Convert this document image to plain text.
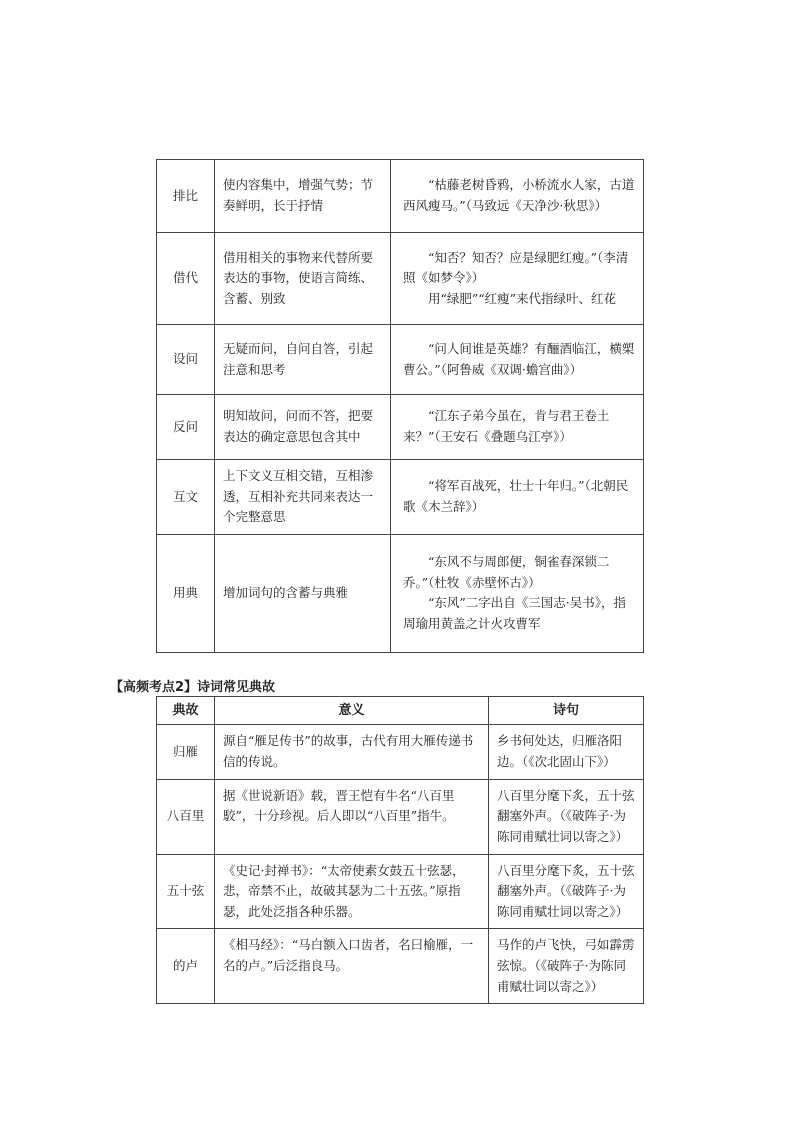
排比	使内容集中，增强气势；节奏鲜明，长于抒情	“枯藤老树昏鸦，小桥流水人家，古道西风瘦马。”（马致远《天净沙·秋思》）

借代	借用相关的事物来代替所要表达的事物，使语言简练、含蓄、别致	“知否？知否？应是绿肥红瘦。”（李清照《如梦令》）
用“绿肥”“红瘦”来代指绿叶、红花

设问	无疑而问，自问自答，引起注意和思考	“问人间谁是英雄？有酾酒临江，横槊曹公。”（阿鲁威《双调·蟾宫曲》）

反问	明知故问，问而不答，把要表达的确定意思包含其中	“江东子弟今虽在，肯与君王卷土来？”（王安石《叠题乌江亭》）

互文	上下文义互相交错，互相渗透，互相补充共同来表达一个完整意思	“将军百战死，壮士十年归。”（北朝民歌《木兰辞》）

用典	增加词句的含蓄与典雅	“东风不与周郎便，铜雀春深锁二乔。”（杜牧《赤壁怀古》）
“东风”二字出自《三国志·吴书》，指周瑜用黄盖之计火攻曹军
【高频考点2】诗词常见典故
典故	意义	诗句
归雁	源自“雁足传书”的故事，古代有用大雁传递书信的传说。	乡书何处达，归雁洛阳边。（《次北固山下》）
八百里	据《世说新语》载，晋王恺有牛名“八百里駮”，十分珍视。后人即以“八百里”指牛。	八百里分麾下炙，五十弦翻塞外声。（《破阵子·为陈同甫赋壮词以寄之》）
五十弦	《史记·封禅书》：“太帝使素女鼓五十弦瑟，悲，帝禁不止，故破其瑟为二十五弦。”原指瑟，此处泛指各种乐器。	八百里分麾下炙，五十弦翻塞外声。（《破阵子·为陈同甫赋壮词以寄之》）
的卢	《相马经》：“马白额入口齿者，名曰榆雁，一名的卢。”后泛指良马。	马作的卢飞快，弓如霹雳弦惊。（《破阵子·为陈同甫赋壮词以寄之》）
